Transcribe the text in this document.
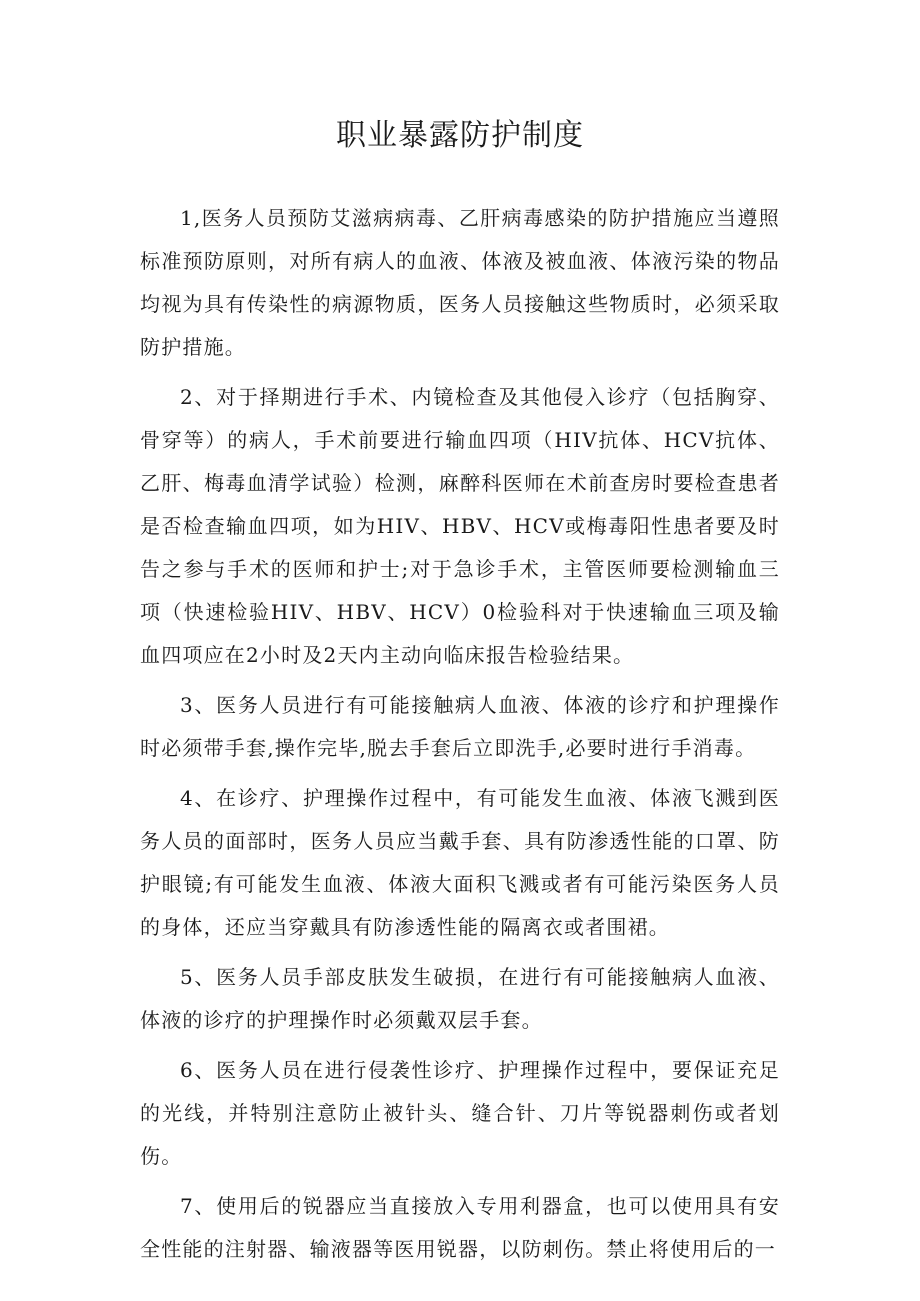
职业暴露防护制度

1,医务人员预防艾滋病病毒、乙肝病毒感染的防护措施应当遵照标准预防原则，对所有病人的血液、体液及被血液、体液污染的物品均视为具有传染性的病源物质，医务人员接触这些物质时，必须采取防护措施。

2、对于择期进行手术、内镜检查及其他侵入诊疗（包括胸穿、骨穿等）的病人，手术前要进行输血四项（HIV抗体、HCV抗体、乙肝、梅毒血清学试验）检测，麻醉科医师在术前查房时要检查患者是否检查输血四项，如为HIV、HBV、HCV或梅毒阳性患者要及时告之参与手术的医师和护士;对于急诊手术，主管医师要检测输血三项（快速检验HIV、HBV、HCV）0检验科对于快速输血三项及输血四项应在2小时及2天内主动向临床报告检验结果。

3、医务人员进行有可能接触病人血液、体液的诊疗和护理操作时必须带手套,操作完毕,脱去手套后立即洗手,必要时进行手消毒。

4、在诊疗、护理操作过程中，有可能发生血液、体液飞溅到医务人员的面部时，医务人员应当戴手套、具有防渗透性能的口罩、防护眼镜;有可能发生血液、体液大面积飞溅或者有可能污染医务人员的身体，还应当穿戴具有防渗透性能的隔离衣或者围裙。

5、医务人员手部皮肤发生破损，在进行有可能接触病人血液、体液的诊疗的护理操作时必须戴双层手套。

6、医务人员在进行侵袭性诊疗、护理操作过程中，要保证充足的光线，并特别注意防止被针头、缝合针、刀片等锐器刺伤或者划伤。

7、使用后的锐器应当直接放入专用利器盒，也可以使用具有安全性能的注射器、输液器等医用锐器，以防刺伤。禁止将使用后的一
